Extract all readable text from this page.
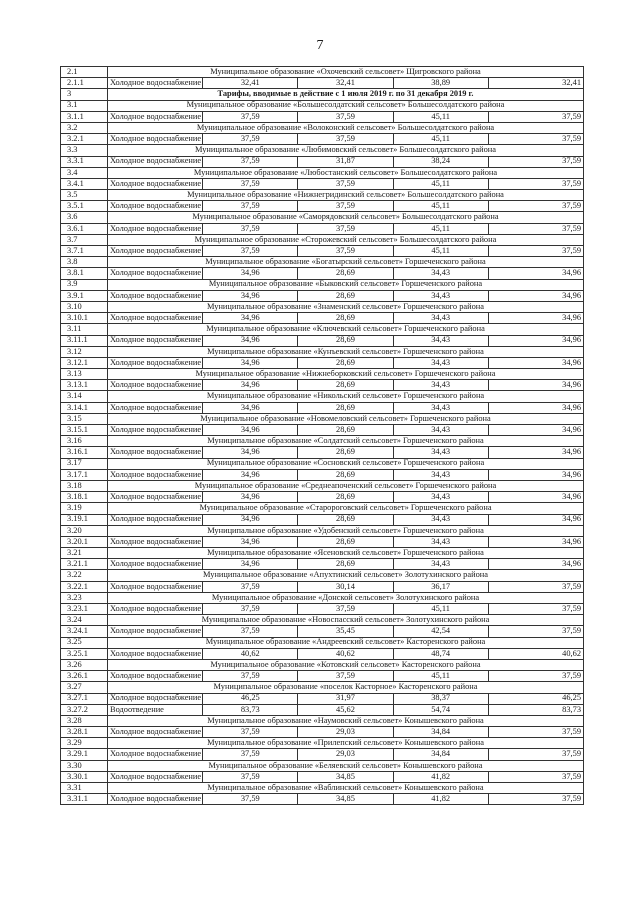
7
2.1	Муниципальное образование «Охочевский сельсовет» Щигровского района				
2.1.1	Холодное водоснабжение	32,41	32,41	38,89	32,41
3	Тарифы, вводимые в действие с 1 июля 2019 г. по 31 декабря 2019 г.				
3.1	Муниципальное образование «Большесолдатский сельсовет» Большесолдатского района				
3.1.1	Холодное водоснабжение	37,59	37,59	45,11	37,59
3.2	Муниципальное образование «Волоконский сельсовет» Большесолдатского района				
3.2.1	Холодное водоснабжение	37,59	37,59	45,11	37,59
3.3	Муниципальное образование «Любимовский сельсовет» Большесолдатского района				
3.3.1	Холодное водоснабжение	37,59	31,87	38,24	37,59
3.4	Муниципальное образование «Любостанский сельсовет» Большесолдатского района				
3.4.1	Холодное водоснабжение	37,59	37,59	45,11	37,59
3.5	Муниципальное образование «Нижнегридинский сельсовет» Большесолдатского района				
3.5.1	Холодное водоснабжение	37,59	37,59	45,11	37,59
3.6	Муниципальное образование «Саморядовский сельсовет» Большесолдатского района				
3.6.1	Холодное водоснабжение	37,59	37,59	45,11	37,59
3.7	Муниципальное образование «Сторожевский сельсовет» Большесолдатского района				
3.7.1	Холодное водоснабжение	37,59	37,59	45,11	37,59
3.8	Муниципальное образование «Богатырский сельсовет» Горшеченского района				
3.8.1	Холодное водоснабжение	34,96	28,69	34,43	34,96
3.9	Муниципальное образование «Быковский сельсовет» Горшеченского района				
3.9.1	Холодное водоснабжение	34,96	28,69	34,43	34,96
3.10	Муниципальное образование «Знаменский сельсовет» Горшеченского района				
3.10.1	Холодное водоснабжение	34,96	28,69	34,43	34,96
3.11	Муниципальное образование «Ключевский сельсовет» Горшеченского района				
3.11.1	Холодное водоснабжение	34,96	28,69	34,43	34,96
3.12	Муниципальное образование «Кунъевский сельсовет» Горшеченского района				
3.12.1	Холодное водоснабжение	34,96	28,69	34,43	34,96
3.13	Муниципальное образование «Нижнеборковский сельсовет» Горшеченского района				
3.13.1	Холодное водоснабжение	34,96	28,69	34,43	34,96
3.14	Муниципальное образование «Никольский сельсовет» Горшеченского района				
3.14.1	Холодное водоснабжение	34,96	28,69	34,43	34,96
3.15	Муниципальное образование «Новомеловский сельсовет» Горшеченского района				
3.15.1	Холодное водоснабжение	34,96	28,69	34,43	34,96
3.16	Муниципальное образование «Солдатский сельсовет» Горшеченского района				
3.16.1	Холодное водоснабжение	34,96	28,69	34,43	34,96
3.17	Муниципальное образование «Сосновский сельсовет» Горшеченского района				
3.17.1	Холодное водоснабжение	34,96	28,69	34,43	34,96
3.18	Муниципальное образование «Среднеапоченский сельсовет» Горшеченского района				
3.18.1	Холодное водоснабжение	34,96	28,69	34,43	34,96
3.19	Муниципальное образование «Старороговский сельсовет» Горшеченского района				
3.19.1	Холодное водоснабжение	34,96	28,69	34,43	34,96
3.20	Муниципальное образование «Удобенский сельсовет» Горшеченского района				
3.20.1	Холодное водоснабжение	34,96	28,69	34,43	34,96
3.21	Муниципальное образование «Ясеновский сельсовет» Горшеченского района				
3.21.1	Холодное водоснабжение	34,96	28,69	34,43	34,96
3.22	Муниципальное образование «Апухтинский сельсовет» Золотухинского района				
3.22.1	Холодное водоснабжение	37,59	30,14	36,17	37,59
3.23	Муниципальное образование «Донской сельсовет» Золотухинского района				
3.23.1	Холодное водоснабжение	37,59	37,59	45,11	37,59
3.24	Муниципальное образование «Новоспасский сельсовет» Золотухинского района				
3.24.1	Холодное водоснабжение	37,59	35,45	42,54	37,59
3.25	Муниципальное образование «Андреевский сельсовет» Касторенского района				
3.25.1	Холодное водоснабжение	40,62	40,62	48,74	40,62
3.26	Муниципальное образование «Котовский сельсовет» Касторенского района				
3.26.1	Холодное водоснабжение	37,59	37,59	45,11	37,59
3.27	Муниципальное образование «поселок Касторное» Касторенского района				
3.27.1	Холодное водоснабжение	46,25	31,97	38,37	46,25
3.27.2	Водоотведение	83,73	45,62	54,74	83,73
3.28	Муниципальное образование «Наумовский сельсовет» Конышевского района				
3.28.1	Холодное водоснабжение	37,59	29,03	34,84	37,59
3.29	Муниципальное образование «Прилепский сельсовет» Конышевского района				
3.29.1	Холодное водоснабжение	37,59	29,03	34,84	37,59
3.30	Муниципальное образование «Беляевский сельсовет» Конышевского района				
3.30.1	Холодное водоснабжение	37,59	34,85	41,82	37,59
3.31	Муниципальное образование «Ваблинский сельсовет» Конышевского района				
3.31.1	Холодное водоснабжение	37,59	34,85	41,82	37,59
